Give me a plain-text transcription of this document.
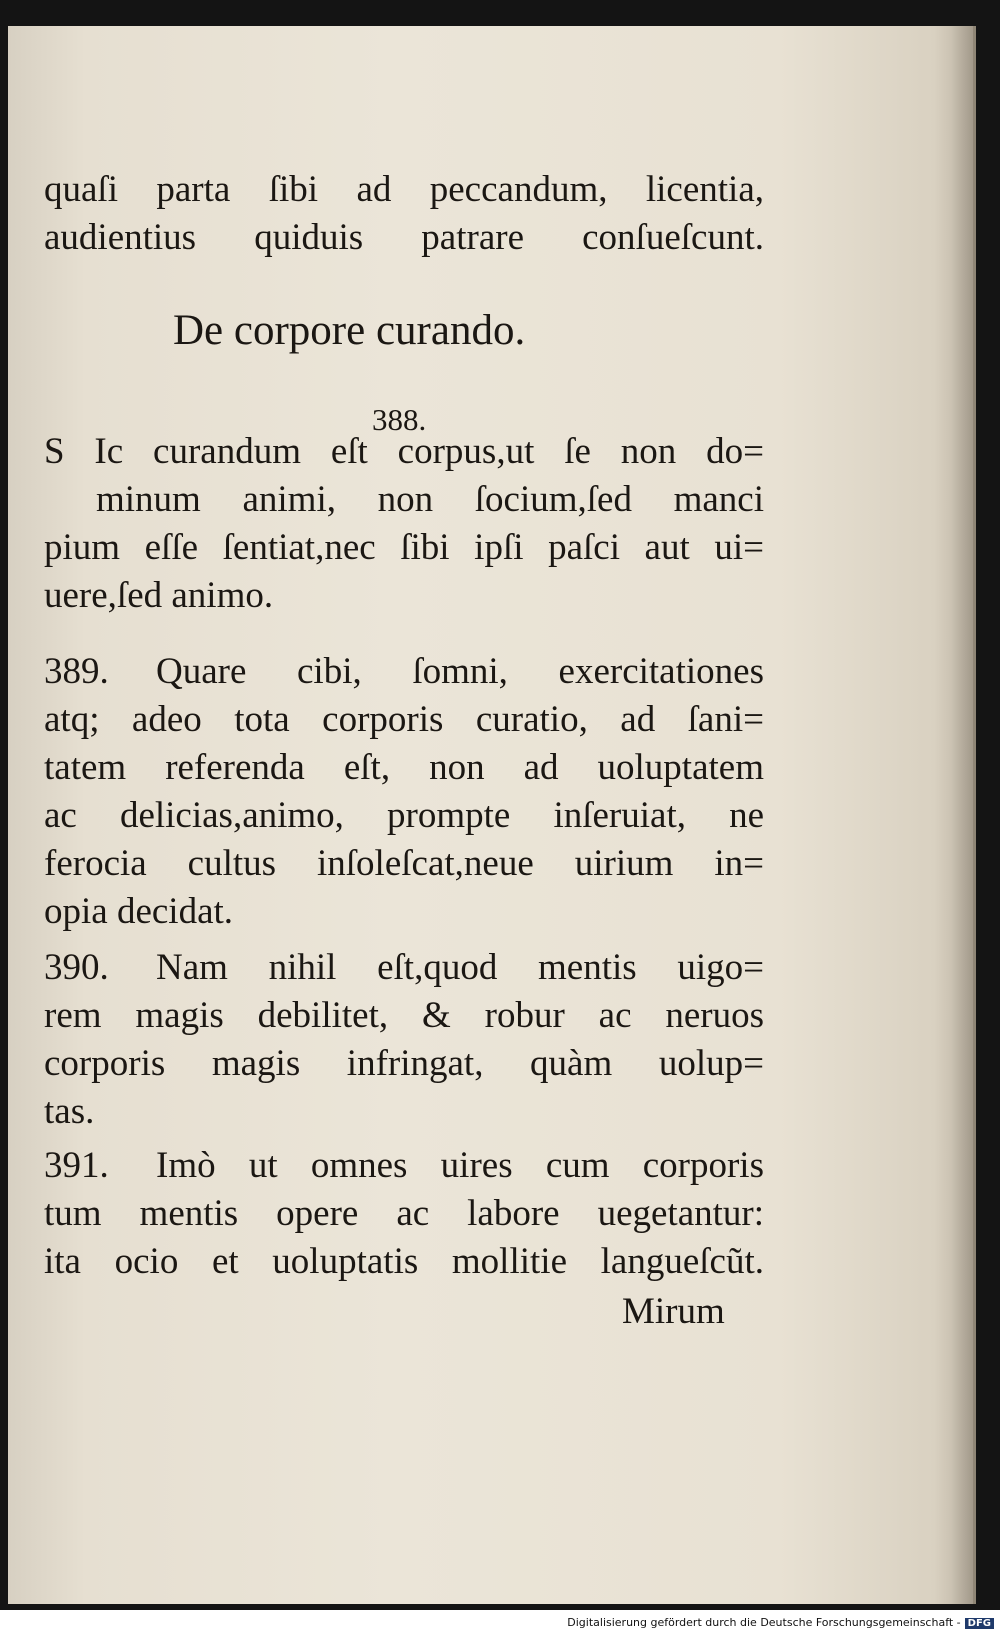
quaſi parta ſibi ad peccandum, licentia,
audientius quiduis patrare conſueſcunt.
De corpore curando.
388.
S Ic curandum eſt corpus,ut ſe non do=
minum animi, non ſocium,ſed manci
pium eſſe ſentiat,nec ſibi ipſi paſci aut ui=
uere,ſed animo.
389. Quare cibi, ſomni, exercitationes
atq; adeo tota corporis curatio, ad ſani=
tatem referenda eſt, non ad uoluptatem
ac delicias,animo, prompte inſeruiat, ne
ferocia cultus inſoleſcat,neue uirium in=
opia decidat.
390. Nam nihil eſt,quod mentis uigo=
rem magis debilitet, & robur ac neruos
corporis magis infringat, quàm uolup=
tas.
391. Imò ut omnes uires cum corporis
tum mentis opere ac labore uegetantur:
ita ocio et uoluptatis mollitie langueſcũt.
Mirum
Digitalisierung gefördert durch die Deutsche Forschungsgemeinschaft - DFG
